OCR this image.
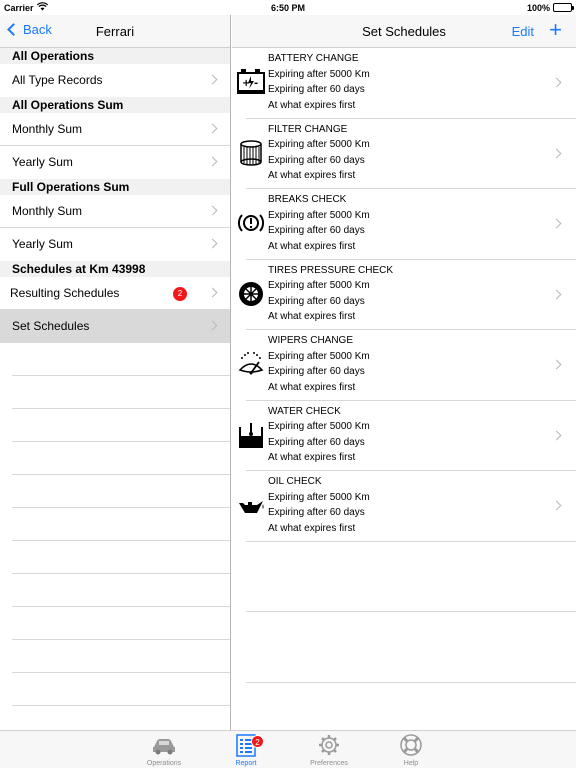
Carrier	6:50 PM	100%
Back	Ferrari
All Operations
All Type Records
All Operations Sum
Monthly Sum
Yearly Sum
Full Operations Sum
Monthly Sum
Yearly Sum
Schedules at Km 43998
Resulting Schedules	2
Set Schedules
Set Schedules	Edit +
+ -
BATTERY CHANGE
Expiring after 5000 Km
Expiring after 60 days
At what expires first
FILTER CHANGE
Expiring after 5000 Km
Expiring after 60 days
At what expires first
BREAKS CHECK
Expiring after 5000 Km
Expiring after 60 days
At what expires first
TIRES PRESSURE CHECK
Expiring after 5000 Km
Expiring after 60 days
At what expires first
WIPERS CHANGE
Expiring after 5000 Km
Expiring after 60 days
At what expires first
WATER CHECK
Expiring after 5000 Km
Expiring after 60 days
At what expires first
OIL CHECK
Expiring after 5000 Km
Expiring after 60 days
At what expires first
Operations
2
Report	Preferences	Help
